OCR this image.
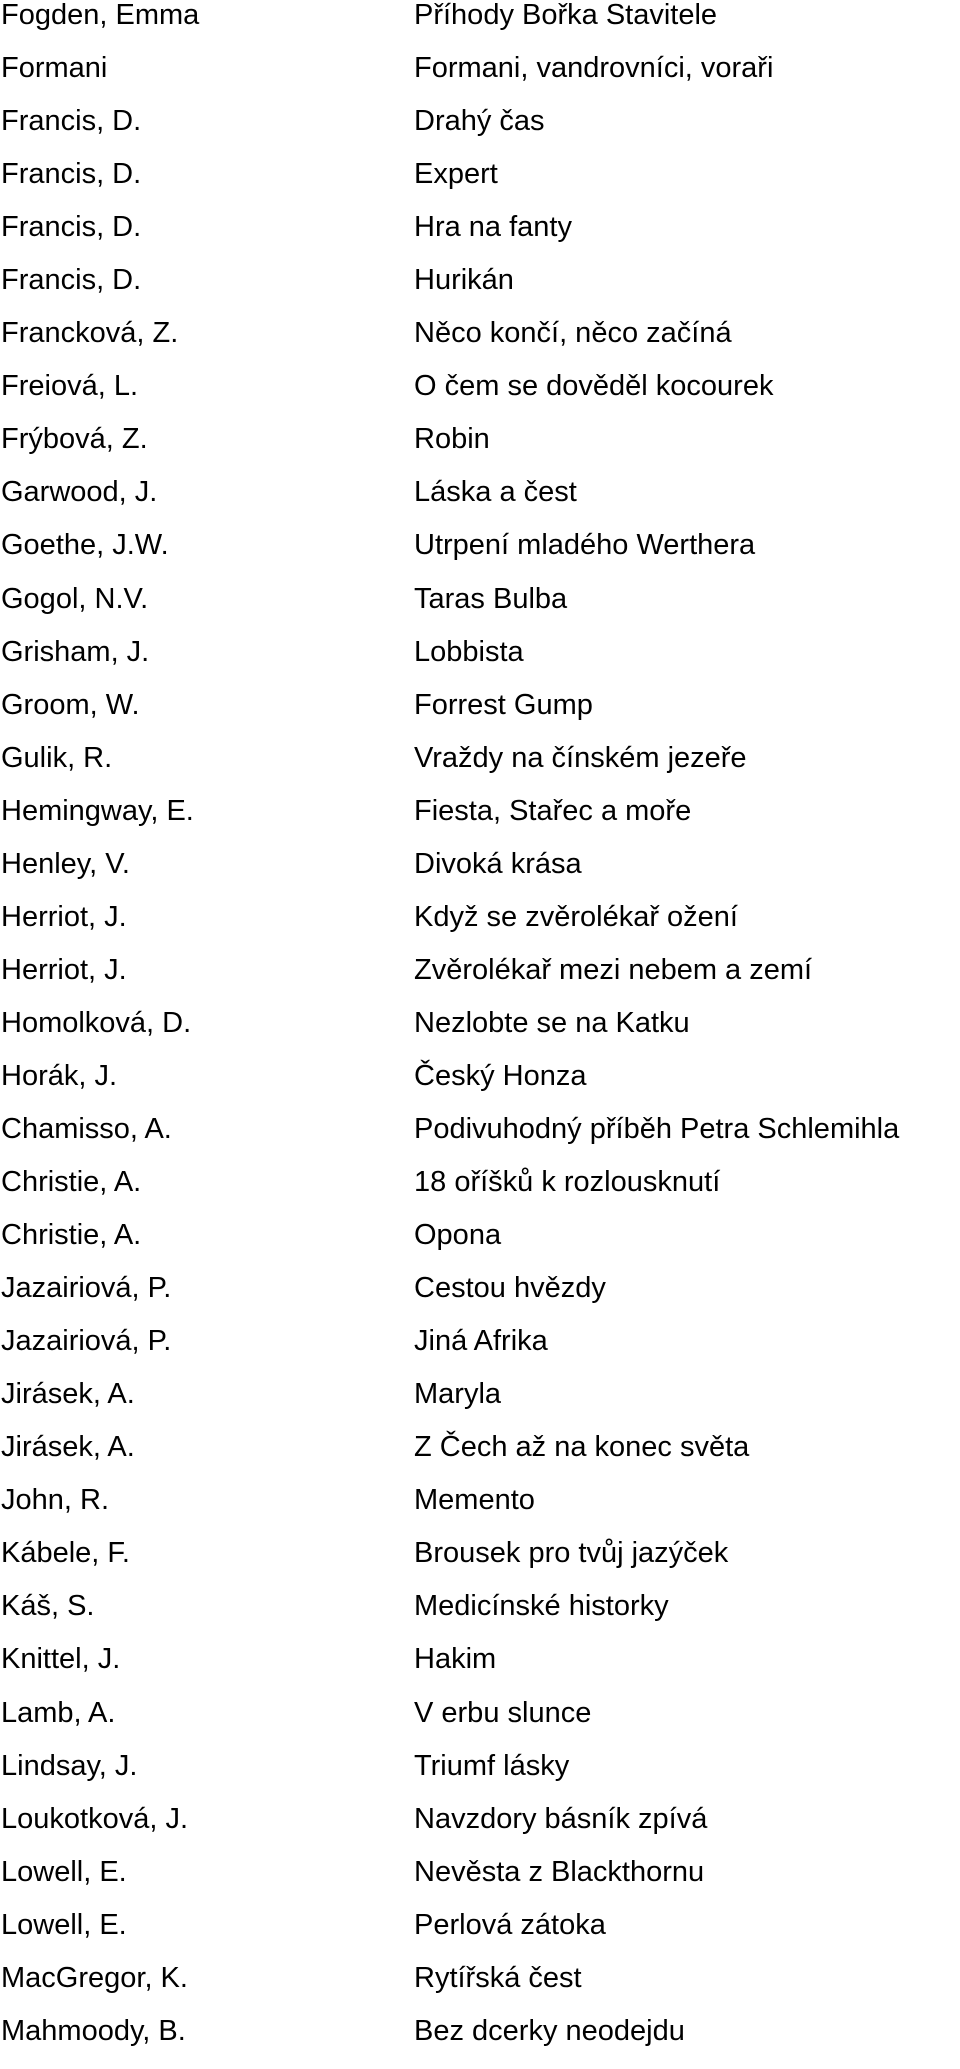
Fogden, Emma	Příhody Bořka Stavitele
Formani	Formani, vandrovníci, voraři
Francis, D.	Drahý čas
Francis, D.	Expert
Francis, D.	Hra na fanty
Francis, D.	Hurikán
Francková, Z.	Něco končí, něco začíná
Freiová, L.	O čem se dověděl kocourek
Frýbová, Z.	Robin
Garwood, J.	Láska a čest
Goethe, J.W.	Utrpení mladého Werthera
Gogol, N.V.	Taras Bulba
Grisham, J.	Lobbista
Groom, W.	Forrest Gump
Gulik, R.	Vraždy na čínském jezeře
Hemingway, E.	Fiesta, Stařec a moře
Henley, V.	Divoká krása
Herriot, J.	Když se zvěrolékař ožení
Herriot, J.	Zvěrolékař mezi nebem a zemí
Homolková, D.	Nezlobte se na Katku
Horák, J.	Český Honza
Chamisso, A.	Podivuhodný příběh Petra Schlemihla
Christie, A.	18 oříšků k rozlousknutí
Christie, A.	Opona
Jazairiová, P.	Cestou hvězdy
Jazairiová, P.	Jiná Afrika
Jirásek, A.	Maryla
Jirásek, A.	Z Čech až na konec světa
John, R.	Memento
Kábele, F.	Brousek pro tvůj jazýček
Káš, S.	Medicínské historky
Knittel, J.	Hakim
Lamb, A.	V erbu slunce
Lindsay, J.	Triumf lásky
Loukotková, J.	Navzdory básník zpívá
Lowell, E.	Nevěsta z Blackthornu
Lowell, E.	Perlová zátoka
MacGregor, K.	Rytířská čest
Mahmoody, B.	Bez dcerky neodejdu
